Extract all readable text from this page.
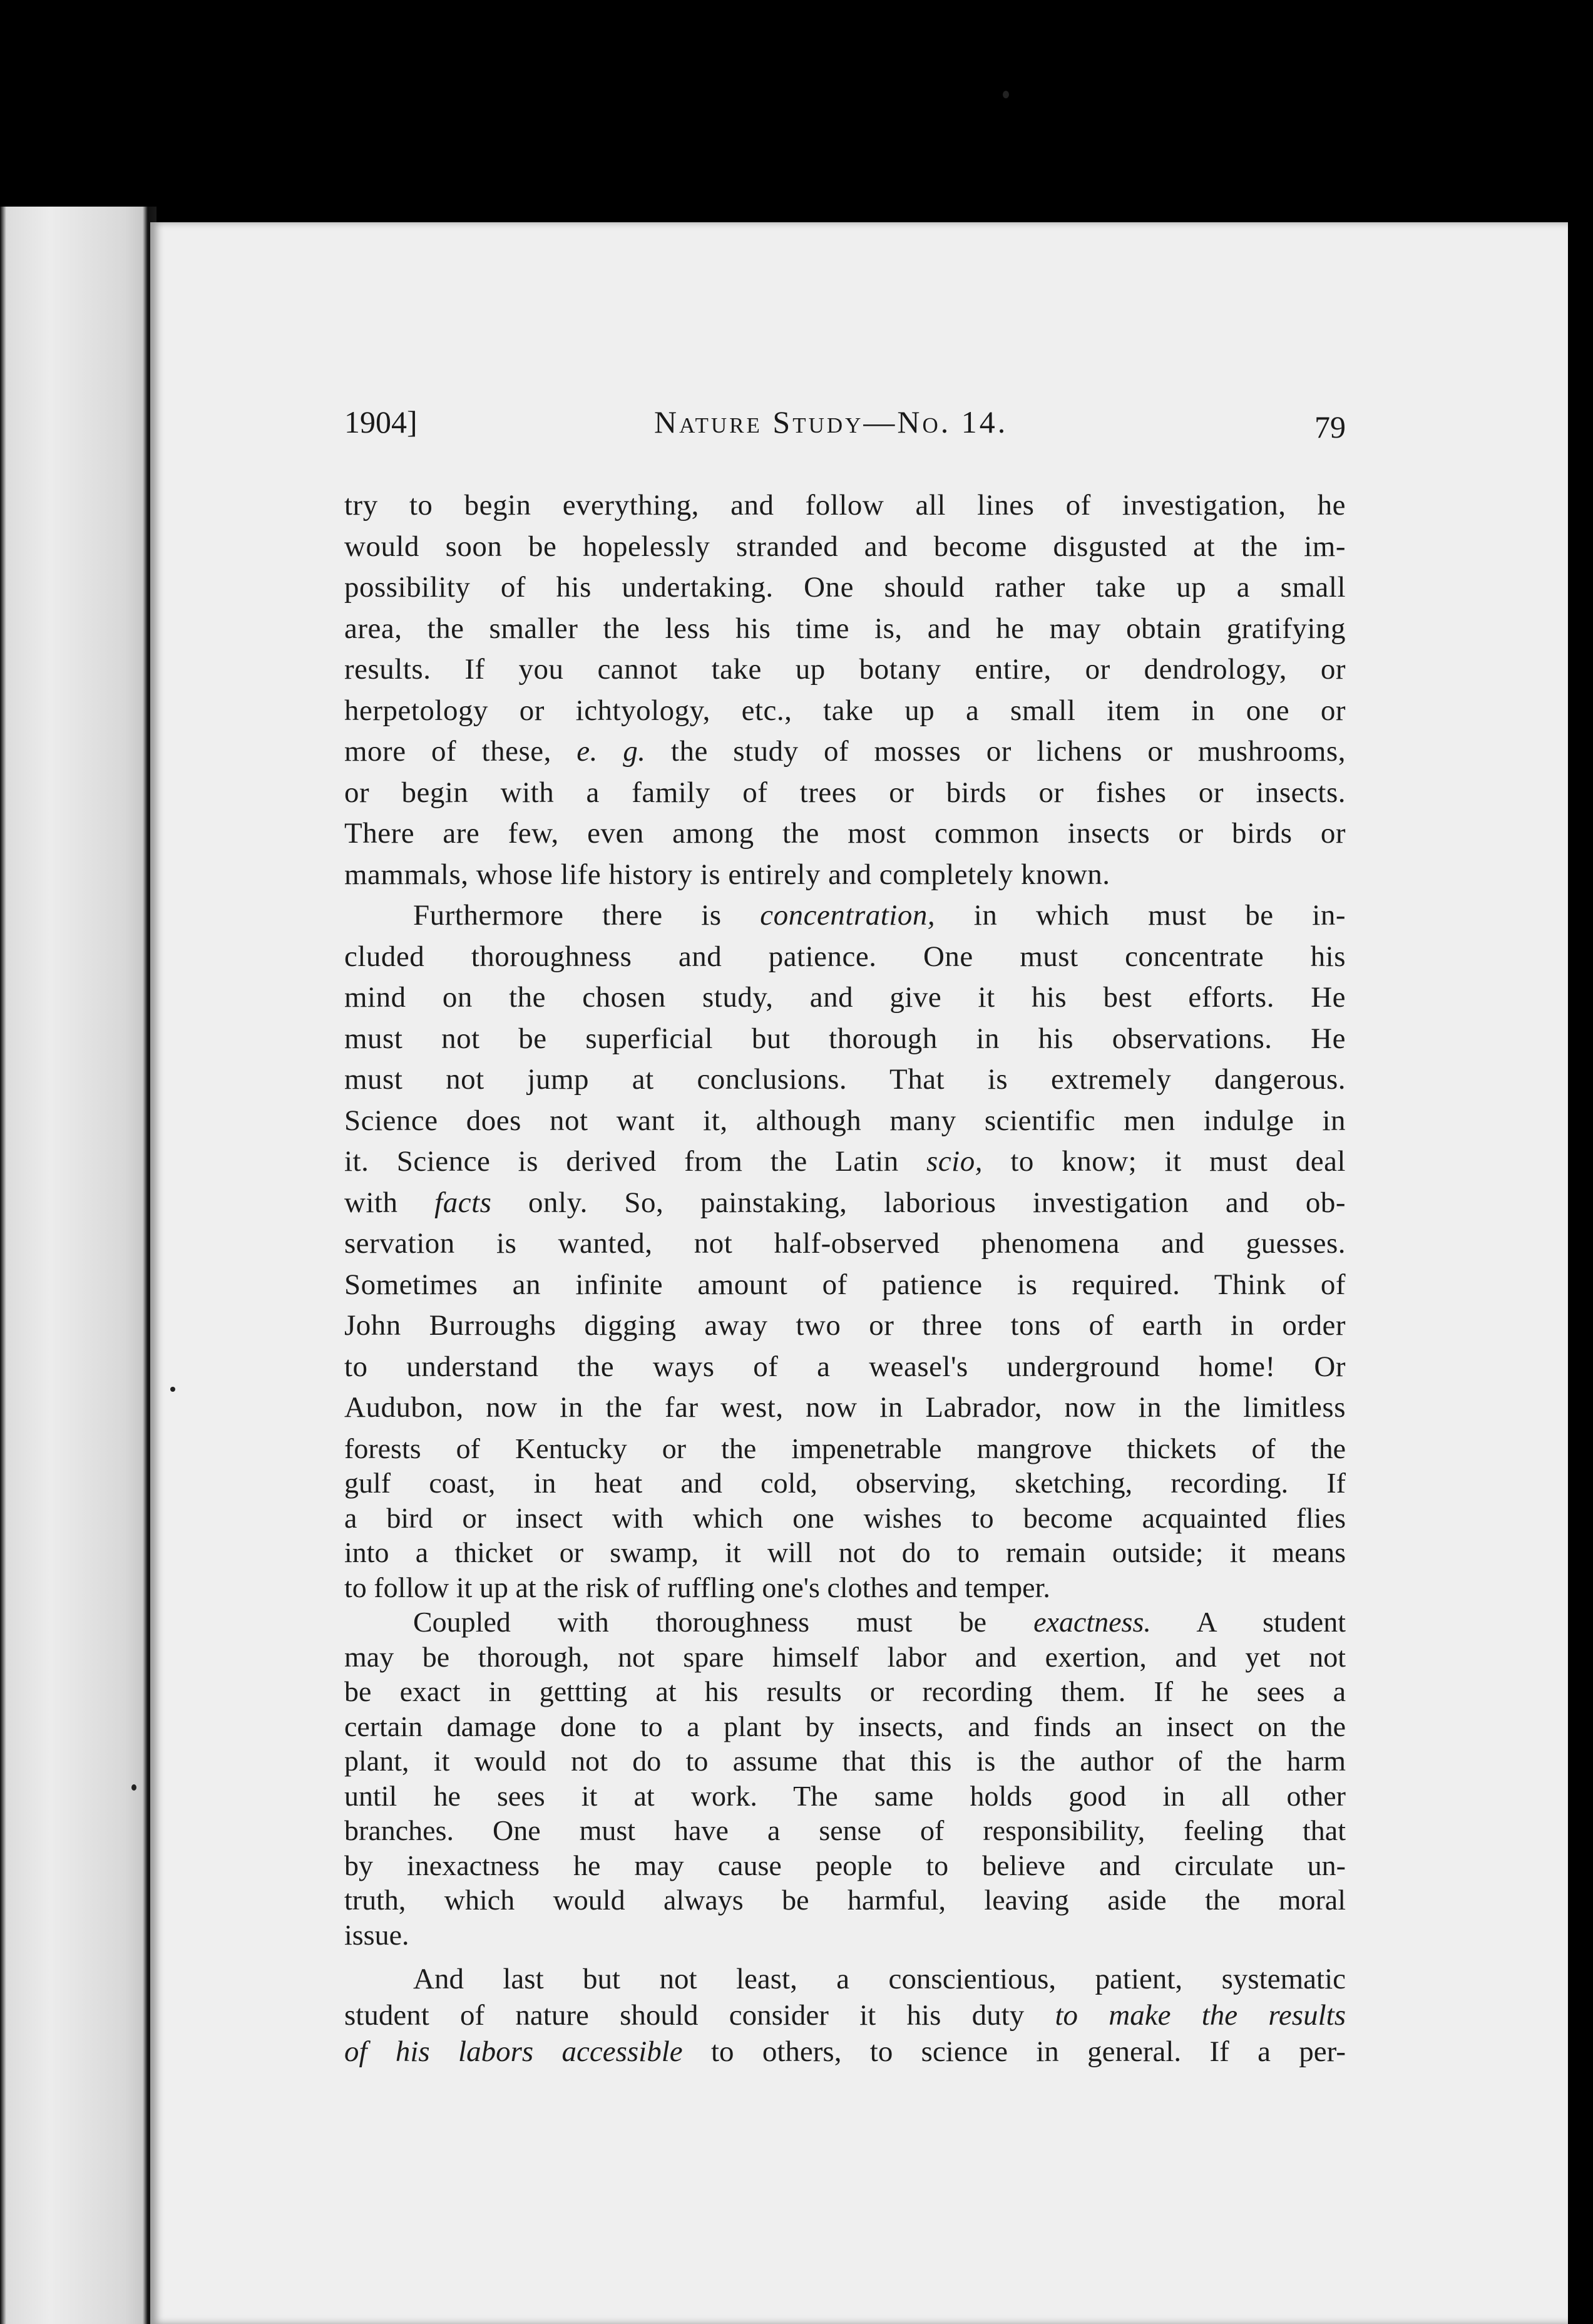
1904]	Nature Study—No. 14.	79

try to begin everything, and follow all lines of investigation, he
would soon be hopelessly stranded and become disgusted at the im-
possibility of his undertaking. One should rather take up a small
area, the smaller the less his time is, and he may obtain gratifying
results. If you cannot take up botany entire, or dendrology, or
herpetology or ichtyology, etc., take up a small item in one or
more of these, e. g. the study of mosses or lichens or mushrooms,
or begin with a family of trees or birds or fishes or insects.
There are few, even among the most common insects or birds or
mammals, whose life history is entirely and completely known.

Furthermore there is concentration, in which must be in-
cluded thoroughness and patience. One must concentrate his
mind on the chosen study, and give it his best efforts. He
must not be superficial but thorough in his observations. He
must not jump at conclusions. That is extremely dangerous.
Science does not want it, although many scientific men indulge in
it. Science is derived from the Latin scio, to know; it must deal
with facts only. So, painstaking, laborious investigation and ob-
servation is wanted, not half-observed phenomena and guesses.
Sometimes an infinite amount of patience is required. Think of
John Burroughs digging away two or three tons of earth in order
to understand the ways of a weasel's underground home! Or
Audubon, now in the far west, now in Labrador, now in the limitless

forests of Kentucky or the impenetrable mangrove thickets of the
gulf coast, in heat and cold, observing, sketching, recording. If
a bird or insect with which one wishes to become acquainted flies
into a thicket or swamp, it will not do to remain outside; it means
to follow it up at the risk of ruffling one's clothes and temper.

Coupled with thoroughness must be exactness. A student
may be thorough, not spare himself labor and exertion, and yet not
be exact in gettting at his results or recording them. If he sees a
certain damage done to a plant by insects, and finds an insect on the
plant, it would not do to assume that this is the author of the harm
until he sees it at work. The same holds good in all other
branches. One must have a sense of responsibility, feeling that
by inexactness he may cause people to believe and circulate un-
truth, which would always be harmful, leaving aside the moral
issue.

And last but not least, a conscientious, patient, systematic
student of nature should consider it his duty to make the results
of his labors accessible to others, to science in general. If a per-
